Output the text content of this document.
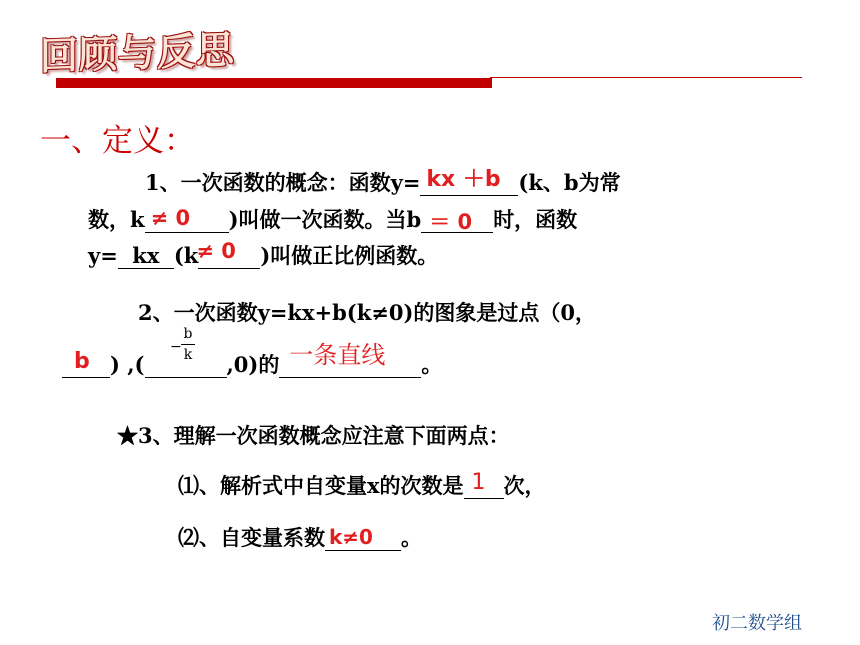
回顾与反思
一、定义：
1、一次函数的概念：函数y= kx ＋b (k、b为常
数，k ≠ 0 )叫做一次函数。当b ＝ 0 时，函数
y= kx (k
≠ 0 )叫做正比例函数。
2、一次函数y=kx+b(k≠0)的图象是过点（0，
−
b
k
b ) ,(	,0)的 一条直线 。
★3、理解一次函数概念应注意下面两点：
⑴、解析式中自变量x的次数是 1 次，
⑵、自变量系数 k≠0 。
初二数学组
